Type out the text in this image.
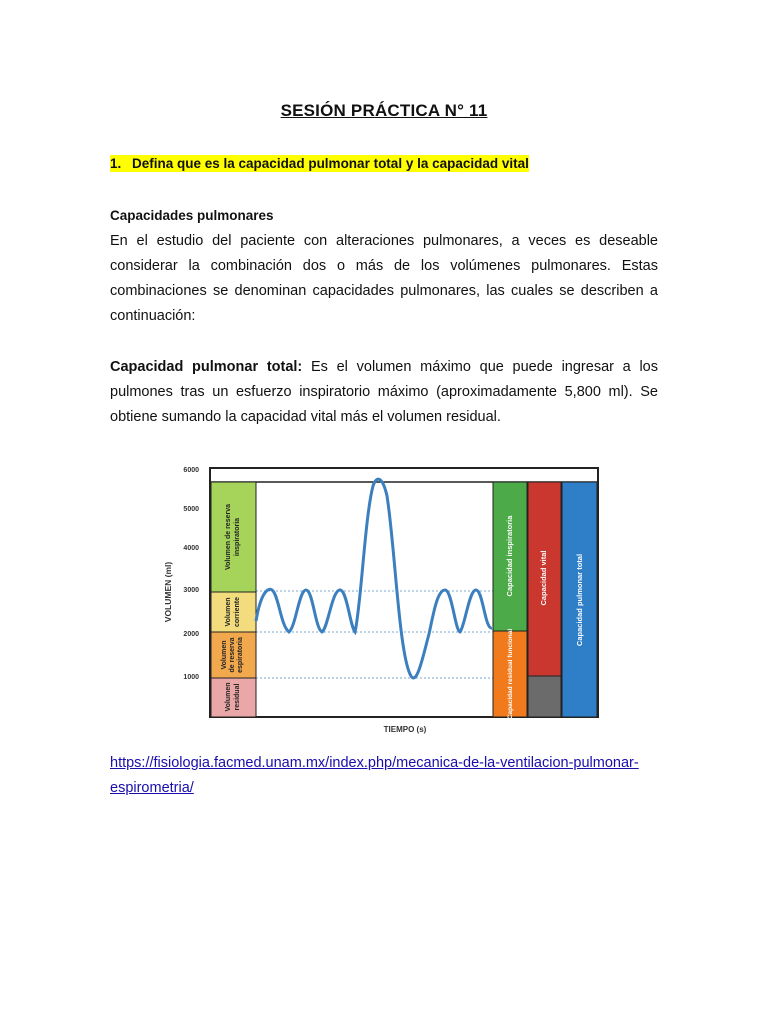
SESIÓN PRÁCTICA N° 11
1. Defina que es la capacidad pulmonar total y la capacidad vital
Capacidades pulmonares
En el estudio del paciente con alteraciones pulmonares, a veces es deseable considerar la combinación dos o más de los volúmenes pulmonares. Estas combinaciones se denominan capacidades pulmonares, las cuales se describen a continuación:
Capacidad pulmonar total: Es el volumen máximo que puede ingresar a los pulmones tras un esfuerzo inspiratorio máximo (aproximadamente 5,800 ml). Se obtiene sumando la capacidad vital más el volumen residual.
VOLUMEN (ml)
6000
5000
4000
3000
2000
1000
Volumen de reserva inspiratoria
Volumen corriente
Volumen de reserva espiratoria
Volumen residual
Capacidad inspiratoria
Capacidad residual funcional
Capacidad vital	Capacidad pulmonar total
TIEMPO (s)
https://fisiologia.facmed.unam.mx/index.php/mecanica-de-la-ventilacion-pulmonar-espirometria/
